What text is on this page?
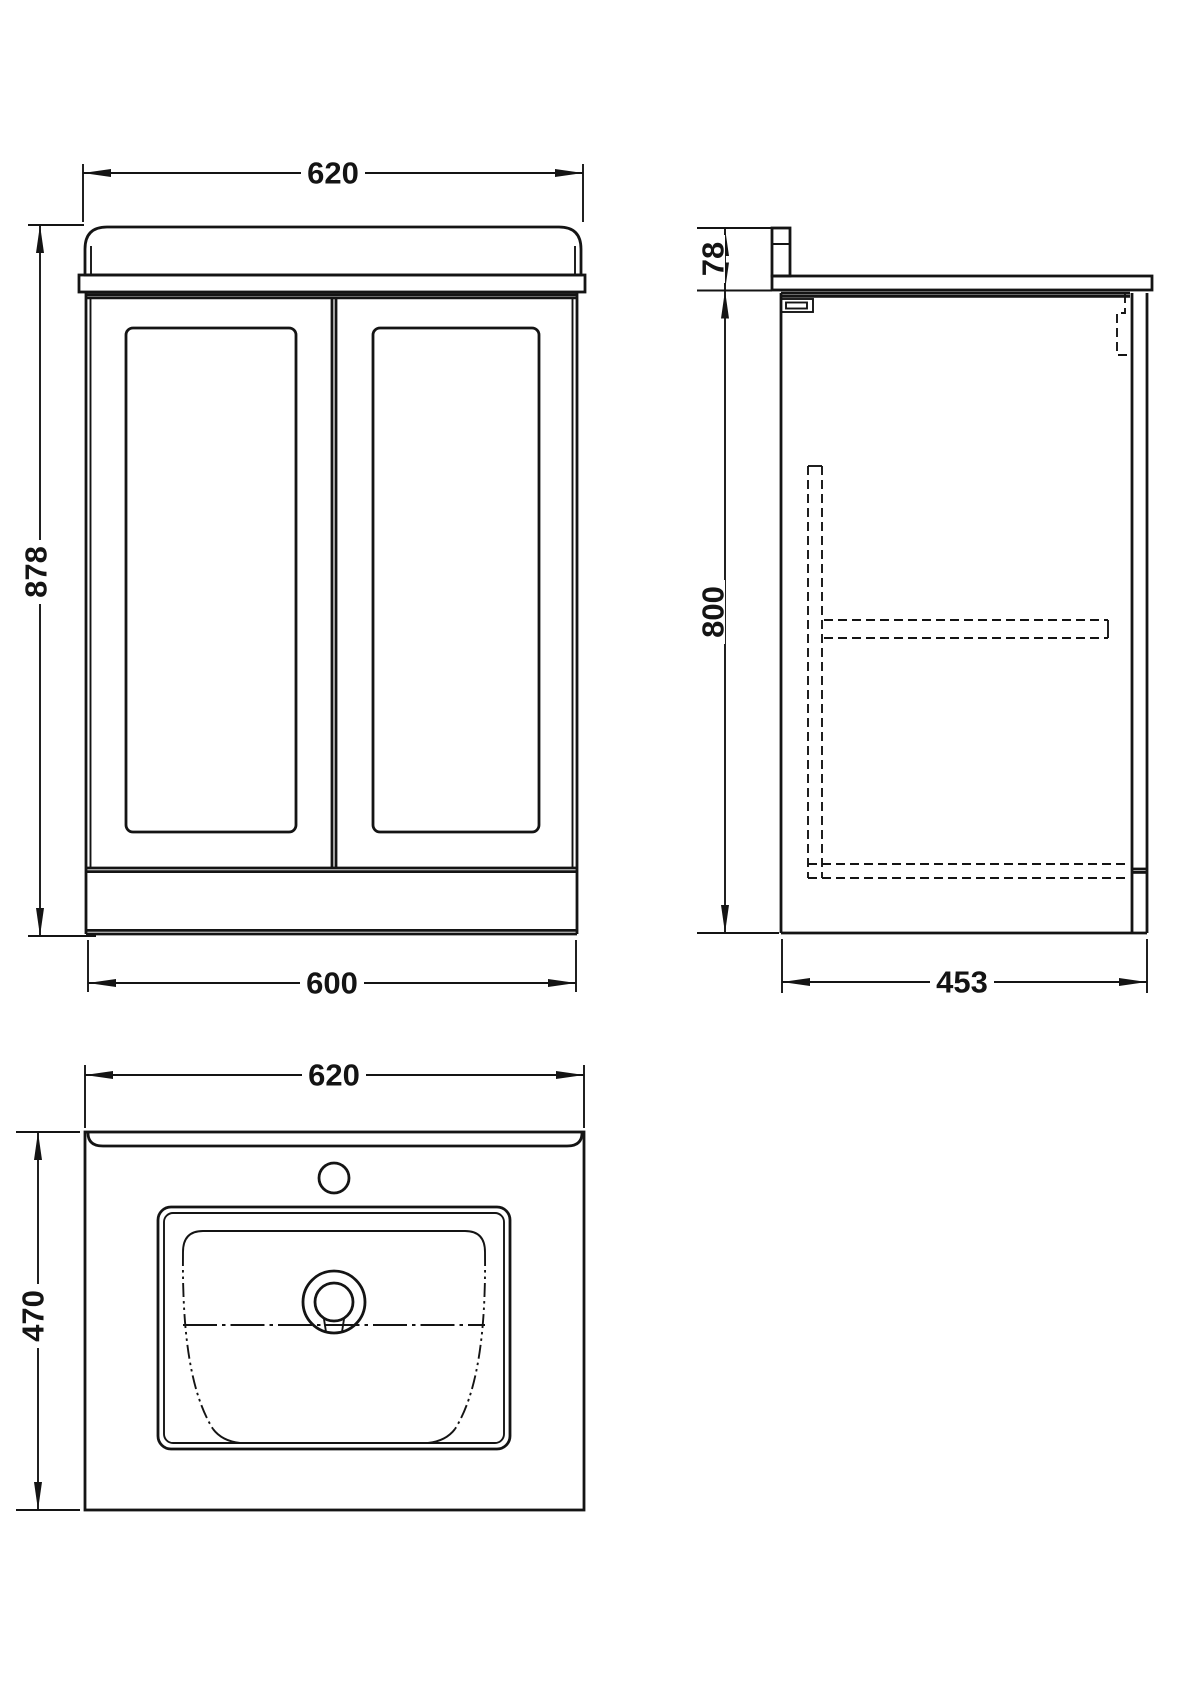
620
878
600
78
800
453
620
470
